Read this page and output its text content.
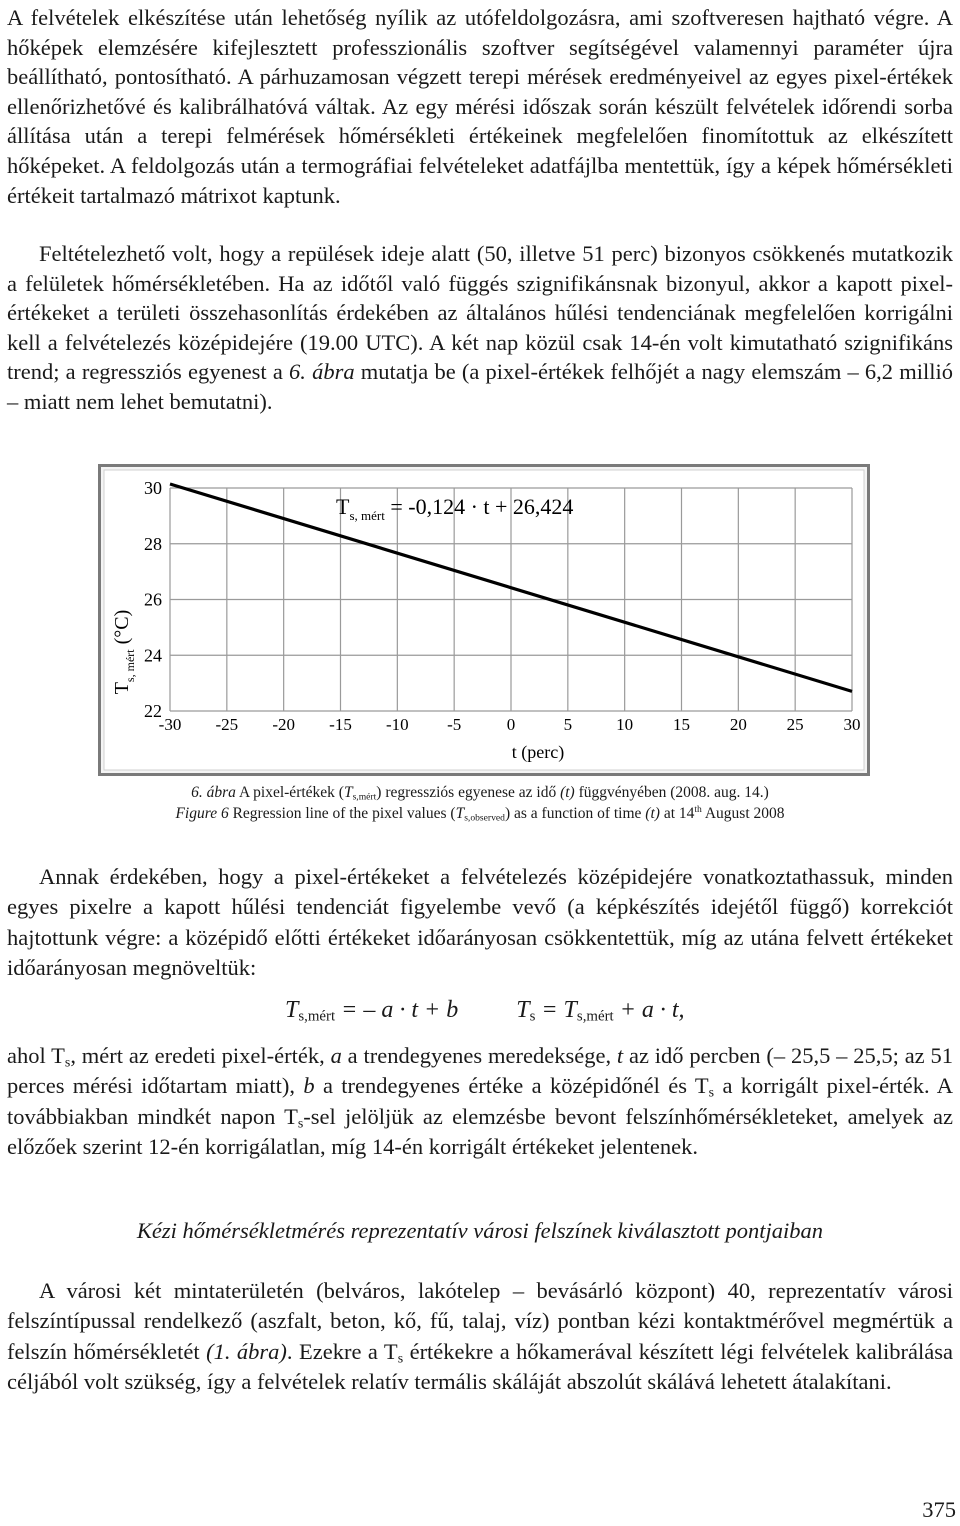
A felvételek elkészítése után lehetőség nyílik az utófeldolgozásra, ami szoftveresen hajtható végre. A hőképek elemzésére kifejlesztett professzionális szoftver segítségével valamennyi paraméter újra beállítható, pontosítható. A párhuzamosan végzett terepi mérések eredményeivel az egyes pixel-értékek ellenőrizhetővé és kalibrálhatóvá váltak. Az egy mérési időszak során készült felvételek időrendi sorba állítása után a terepi felmérések hőmérsékleti értékeinek megfelelően finomítottuk az elkészített hőképeket. A feldolgozás után a termográfiai felvételeket adatfájlba mentettük, így a képek hőmérsékleti értékeit tartalmazó mátrixot kaptunk.

Feltételezhető volt, hogy a repülések ideje alatt (50, illetve 51 perc) bizonyos csökkenés mutatkozik a felületek hőmérsékletében. Ha az időtől való függés szignifikánsnak bizonyul, akkor a kapott pixel-értékeket a területi összehasonlítás érdekében az általános hűlési tendenciának megfelelően korrigálni kell a felvételezés középidejére (19.00 UTC). A két nap közül csak 14-én volt kimutatható szignifikáns trend; a regressziós egyenest a 6. ábra mutatja be (a pixel-értékek felhőjét a nagy elemszám – 6,2 millió – miatt nem lehet bemutatni).

22
24
26
28
30
-30 -25 -20 -15 -10 -5	0	5	10 15 20 25 30
$T_{s, mért} = -0,124 \cdot t + 26,424$
t (perc)
$T_{s, mért}$ (°C)

6. ábra A pixel-értékek $(T_{s,mért})$ regressziós egyenese az idő (t) függvényében (2008. aug. 14.)

Figure 6 Regression line of the pixel values $(T_{s,observed})$ as a function of time (t) at 14th August 2008

Annak érdekében, hogy a pixel-értékeket a felvételezés középidejére vonatkoztathassuk, minden egyes pixelre a kapott hűlési tendenciát figyelembe vevő (a képkészítés idejétől függő) korrekciót hajtottunk végre: a középidő előtti értékeket időarányosan csökkentettük, míg az utána felvett értékeket időarányosan megnöveltük:

$T_{s,mért}$ = – a · t + b $T_s = T_{s,mért} + a \cdot t$,

ahol $T_s$, mért az eredeti pixel-érték, a a trendegyenes meredeksége, t az idő percben (– 25,5 – 25,5; az 51 perces mérési időtartam miatt), b a trendegyenes értéke a középidőnél és $T_s$ a korrigált pixel-érték. A továbbiakban mindkét napon $T_s$-sel jelöljük az elemzésbe bevont felszínhőmérsékleteket, amelyek az előzőek szerint 12-én korrigálatlan, míg 14-én korrigált értékeket jelentenek.

Kézi hőmérsékletmérés reprezentatív városi felszínek kiválasztott pontjaiban

A városi két mintaterületén (belváros, lakótelep – bevásárló központ) 40, reprezentatív városi felszíntípussal rendelkező (aszfalt, beton, kő, fű, talaj, víz) pontban kézi kontaktmérővel megmértük a felszín hőmérsékletét (1. ábra). Ezekre a $T_s$ értékekre a hőkamerával készített légi felvételek kalibrálása céljából volt szükség, így a felvételek relatív termális skáláját abszolút skálává lehetett átalakítani.

375
